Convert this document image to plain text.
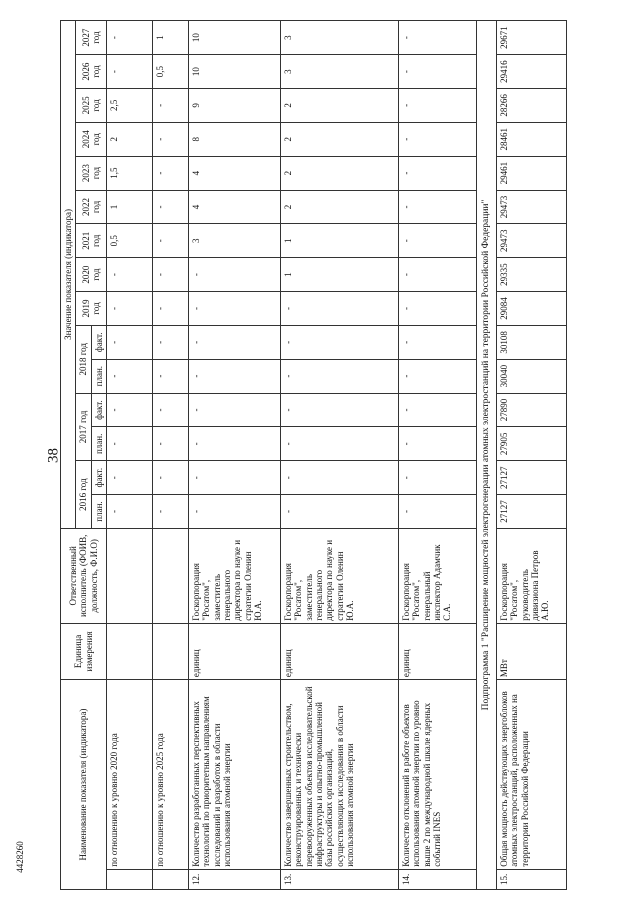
38
4428260	Наименование показателя (индикатора)		Единица измерения	Ответственный исполнитель (ФОИВ, должность, Ф.И.О)	Значение показателя (индикатора)														
				2016 год		2017 год		2018 год		2019 год	2020 год	2021 год	2022 год	2023 год	2024 год	2025 год	2026 год	2027 год
				план.	факт.	план.	факт.	план.	факт.									
	по отношению к уровню 2020 года			-	-	-	-	-	-	-	-	0,5	1	1,5	2	2,5	-	-
	по отношению к уровню 2025 года			-	-	-	-	-	-	-	-	-	-	-	-	-	0,5	1
12.	Количество разработанных перспективных технологий по приоритетным направлениям исследований и разработок в области использования атомной энергии	единиц	Госкорпорация "Росатом", заместитель генерального директора по науке и стратегии Оленин Ю.А.	-	-	-	-	-	-	-	-	3	4	4	8	9	10	10
13.	Количество завершенных строительством, реконструированных и технически перевооруженных объектов исследовательской инфраструктуры и опытно-промышленной базы российских организаций, осуществляющих исследования в области использования атомной энергии	единиц	Госкорпорация "Росатом", заместитель генерального директора по науке и стратегии Оленин Ю.А.	-	-	-	-	-	-	-	1	1	2	2	2	2	3	3
14.	Количество отклонений в работе объектов использования атомной энергии по уровню выше 2 по международной шкале ядерных событий INES	единиц	Госкорпорация "Росатом", генеральный инспектор Адамчик С.А.	-	-	-	-	-	-	-	-	-	-	-	-	-	-	-
Подпрограмма 1 "Расширение мощностей электрогенерации атомных электростанций на территории Российской Федерации"																		
15.	Общая мощность действующих энергоблоков атомных электростанций, расположенных на территории Российской Федерации	МВт	Госкорпорация "Росатом", руководитель дивизиона Петров А.Ю.	27127	27127	27905	27890	30040	30108	29084	29335	29473	29473	29461	28461	28266	29416	29671
